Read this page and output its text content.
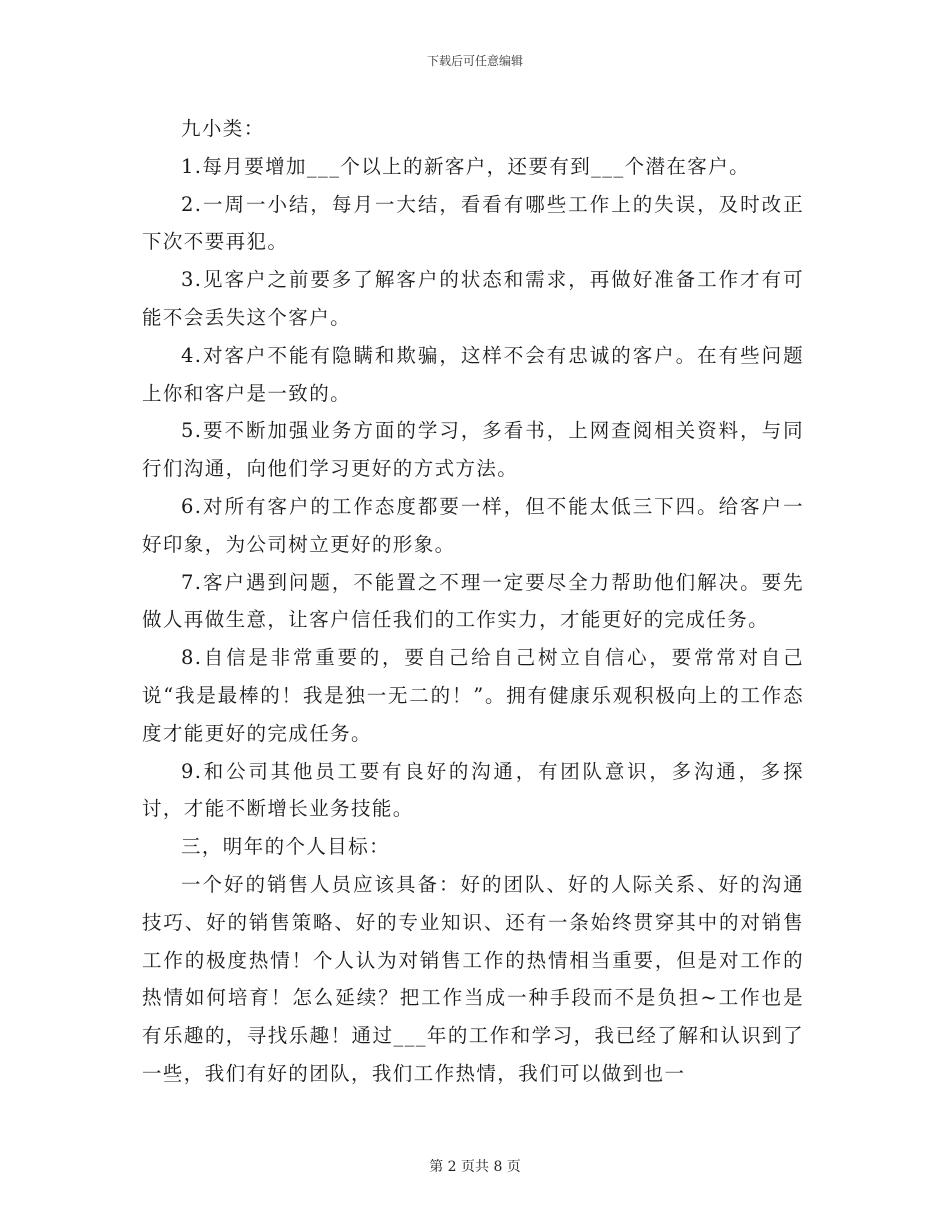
下载后可任意编辑

九小类：

1.每月要增加___个以上的新客户，还要有到___个潜在客户。

2.一周一小结，每月一大结，看看有哪些工作上的失误，及时改正下次不要再犯。

3.见客户之前要多了解客户的状态和需求，再做好准备工作才有可能不会丢失这个客户。

4.对客户不能有隐瞒和欺骗，这样不会有忠诚的客户。在有些问题上你和客户是一致的。

5.要不断加强业务方面的学习，多看书，上网查阅相关资料，与同行们沟通，向他们学习更好的方式方法。

6.对所有客户的工作态度都要一样，但不能太低三下四。给客户一好印象，为公司树立更好的形象。

7.客户遇到问题，不能置之不理一定要尽全力帮助他们解决。要先做人再做生意，让客户信任我们的工作实力，才能更好的完成任务。

8.自信是非常重要的，要自己给自己树立自信心，要常常对自己说“我是最棒的！我是独一无二的！”。拥有健康乐观积极向上的工作态度才能更好的完成任务。

9.和公司其他员工要有良好的沟通，有团队意识，多沟通，多探讨，才能不断增长业务技能。

三，明年的个人目标：

一个好的销售人员应该具备：好的团队、好的人际关系、好的沟通技巧、好的销售策略、好的专业知识、还有一条始终贯穿其中的对销售工作的极度热情！个人认为对销售工作的热情相当重要，但是对工作的热情如何培育！怎么延续？把工作当成一种手段而不是负担~工作也是有乐趣的，寻找乐趣！通过___年的工作和学习，我已经了解和认识到了一些，我们有好的团队，我们工作热情，我们可以做到也一

第 2 页共 8 页
